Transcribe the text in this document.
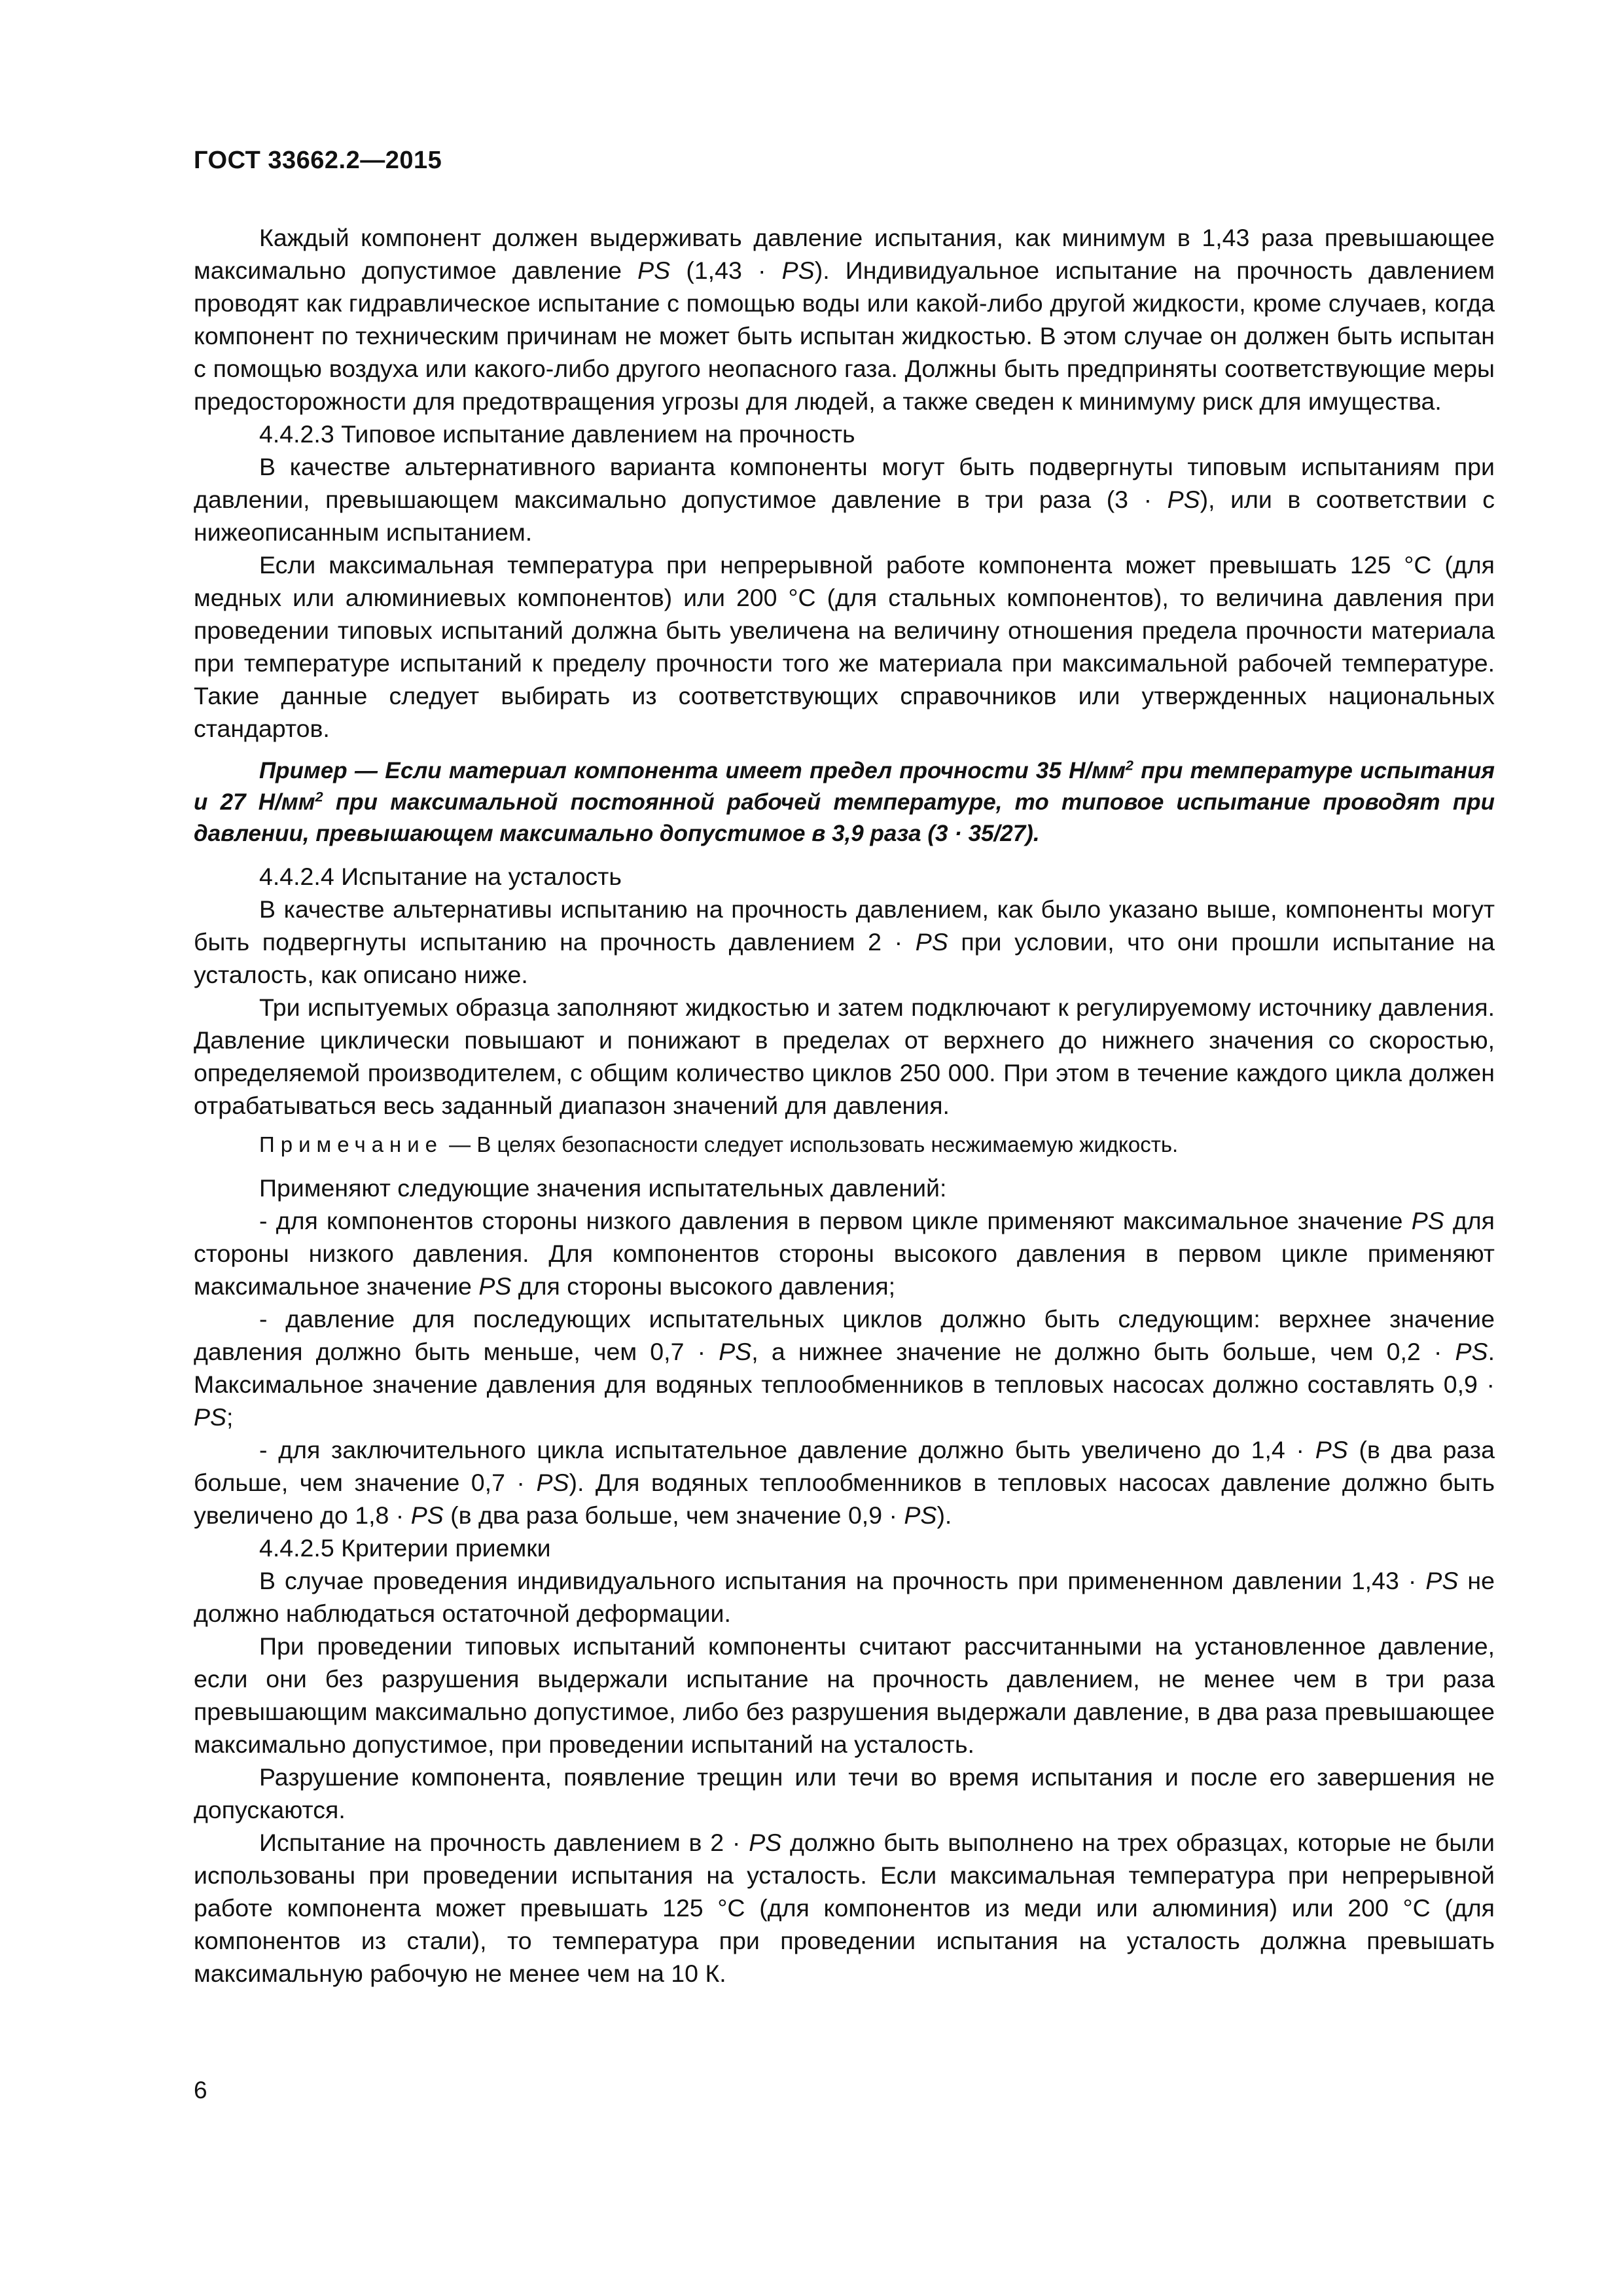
ГОСТ 33662.2—2015

Каждый компонент должен выдерживать давление испытания, как минимум в 1,43 раза превышающее максимально допустимое давление PS (1,43 · PS). Индивидуальное испытание на прочность давлением проводят как гидравлическое испытание с помощью воды или какой-либо другой жидкости, кроме случаев, когда компонент по техническим причинам не может быть испытан жидкостью. В этом случае он должен быть испытан с помощью воздуха или какого-либо другого неопасного газа. Должны быть предприняты соответствующие меры предосторожности для предотвращения угрозы для людей, а также сведен к минимуму риск для имущества.

4.4.2.3 Типовое испытание давлением на прочность

В качестве альтернативного варианта компоненты могут быть подвергнуты типовым испытаниям при давлении, превышающем максимально допустимое давление в три раза (3 · PS), или в соответствии с нижеописанным испытанием.

Если максимальная температура при непрерывной работе компонента может превышать 125 °С (для медных или алюминиевых компонентов) или 200 °С (для стальных компонентов), то величина давления при проведении типовых испытаний должна быть увеличена на величину отношения предела прочности материала при температуре испытаний к пределу прочности того же материала при максимальной рабочей температуре. Такие данные следует выбирать из соответствующих справочников или утвержденных национальных стандартов.

Пример — Если материал компонента имеет предел прочности 35 $Н/мм^2$ при температуре испытания и 27 $Н/мм^2$ при максимальной постоянной рабочей температуре, то типовое испытание проводят при давлении, превышающем максимально допустимое в 3,9 раза (3 · 35/27).

4.4.2.4 Испытание на усталость

В качестве альтернативы испытанию на прочность давлением, как было указано выше, компоненты могут быть подвергнуты испытанию на прочность давлением 2 · PS при условии, что они прошли испытание на усталость, как описано ниже.

Три испытуемых образца заполняют жидкостью и затем подключают к регулируемому источнику давления. Давление циклически повышают и понижают в пределах от верхнего до нижнего значения со скоростью, определяемой производителем, с общим количество циклов 250 000. При этом в течение каждого цикла должен отрабатываться весь заданный диапазон значений для давления.

Примечание — В целях безопасности следует использовать несжимаемую жидкость.

Применяют следующие значения испытательных давлений:

- для компонентов стороны низкого давления в первом цикле применяют максимальное значение PS для стороны низкого давления. Для компонентов стороны высокого давления в первом цикле применяют максимальное значение PS для стороны высокого давления;

- давление для последующих испытательных циклов должно быть следующим: верхнее значение давления должно быть меньше, чем 0,7 · PS, а нижнее значение не должно быть больше, чем 0,2 · PS. Максимальное значение давления для водяных теплообменников в тепловых насосах должно составлять 0,9 · PS;

- для заключительного цикла испытательное давление должно быть увеличено до 1,4 · PS (в два раза больше, чем значение 0,7 · PS). Для водяных теплообменников в тепловых насосах давление должно быть увеличено до 1,8 · PS (в два раза больше, чем значение 0,9 · PS).

4.4.2.5 Критерии приемки

В случае проведения индивидуального испытания на прочность при примененном давлении 1,43 · PS не должно наблюдаться остаточной деформации.

При проведении типовых испытаний компоненты считают рассчитанными на установленное давление, если они без разрушения выдержали испытание на прочность давлением, не менее чем в три раза превышающим максимально допустимое, либо без разрушения выдержали давление, в два раза превышающее максимально допустимое, при проведении испытаний на усталость.

Разрушение компонента, появление трещин или течи во время испытания и после его завершения не допускаются.

Испытание на прочность давлением в 2 · PS должно быть выполнено на трех образцах, которые не были использованы при проведении испытания на усталость. Если максимальная температура при непрерывной работе компонента может превышать 125 °С (для компонентов из меди или алюминия) или 200 °С (для компонентов из стали), то температура при проведении испытания на усталость должна превышать максимальную рабочую не менее чем на 10 К.

6
